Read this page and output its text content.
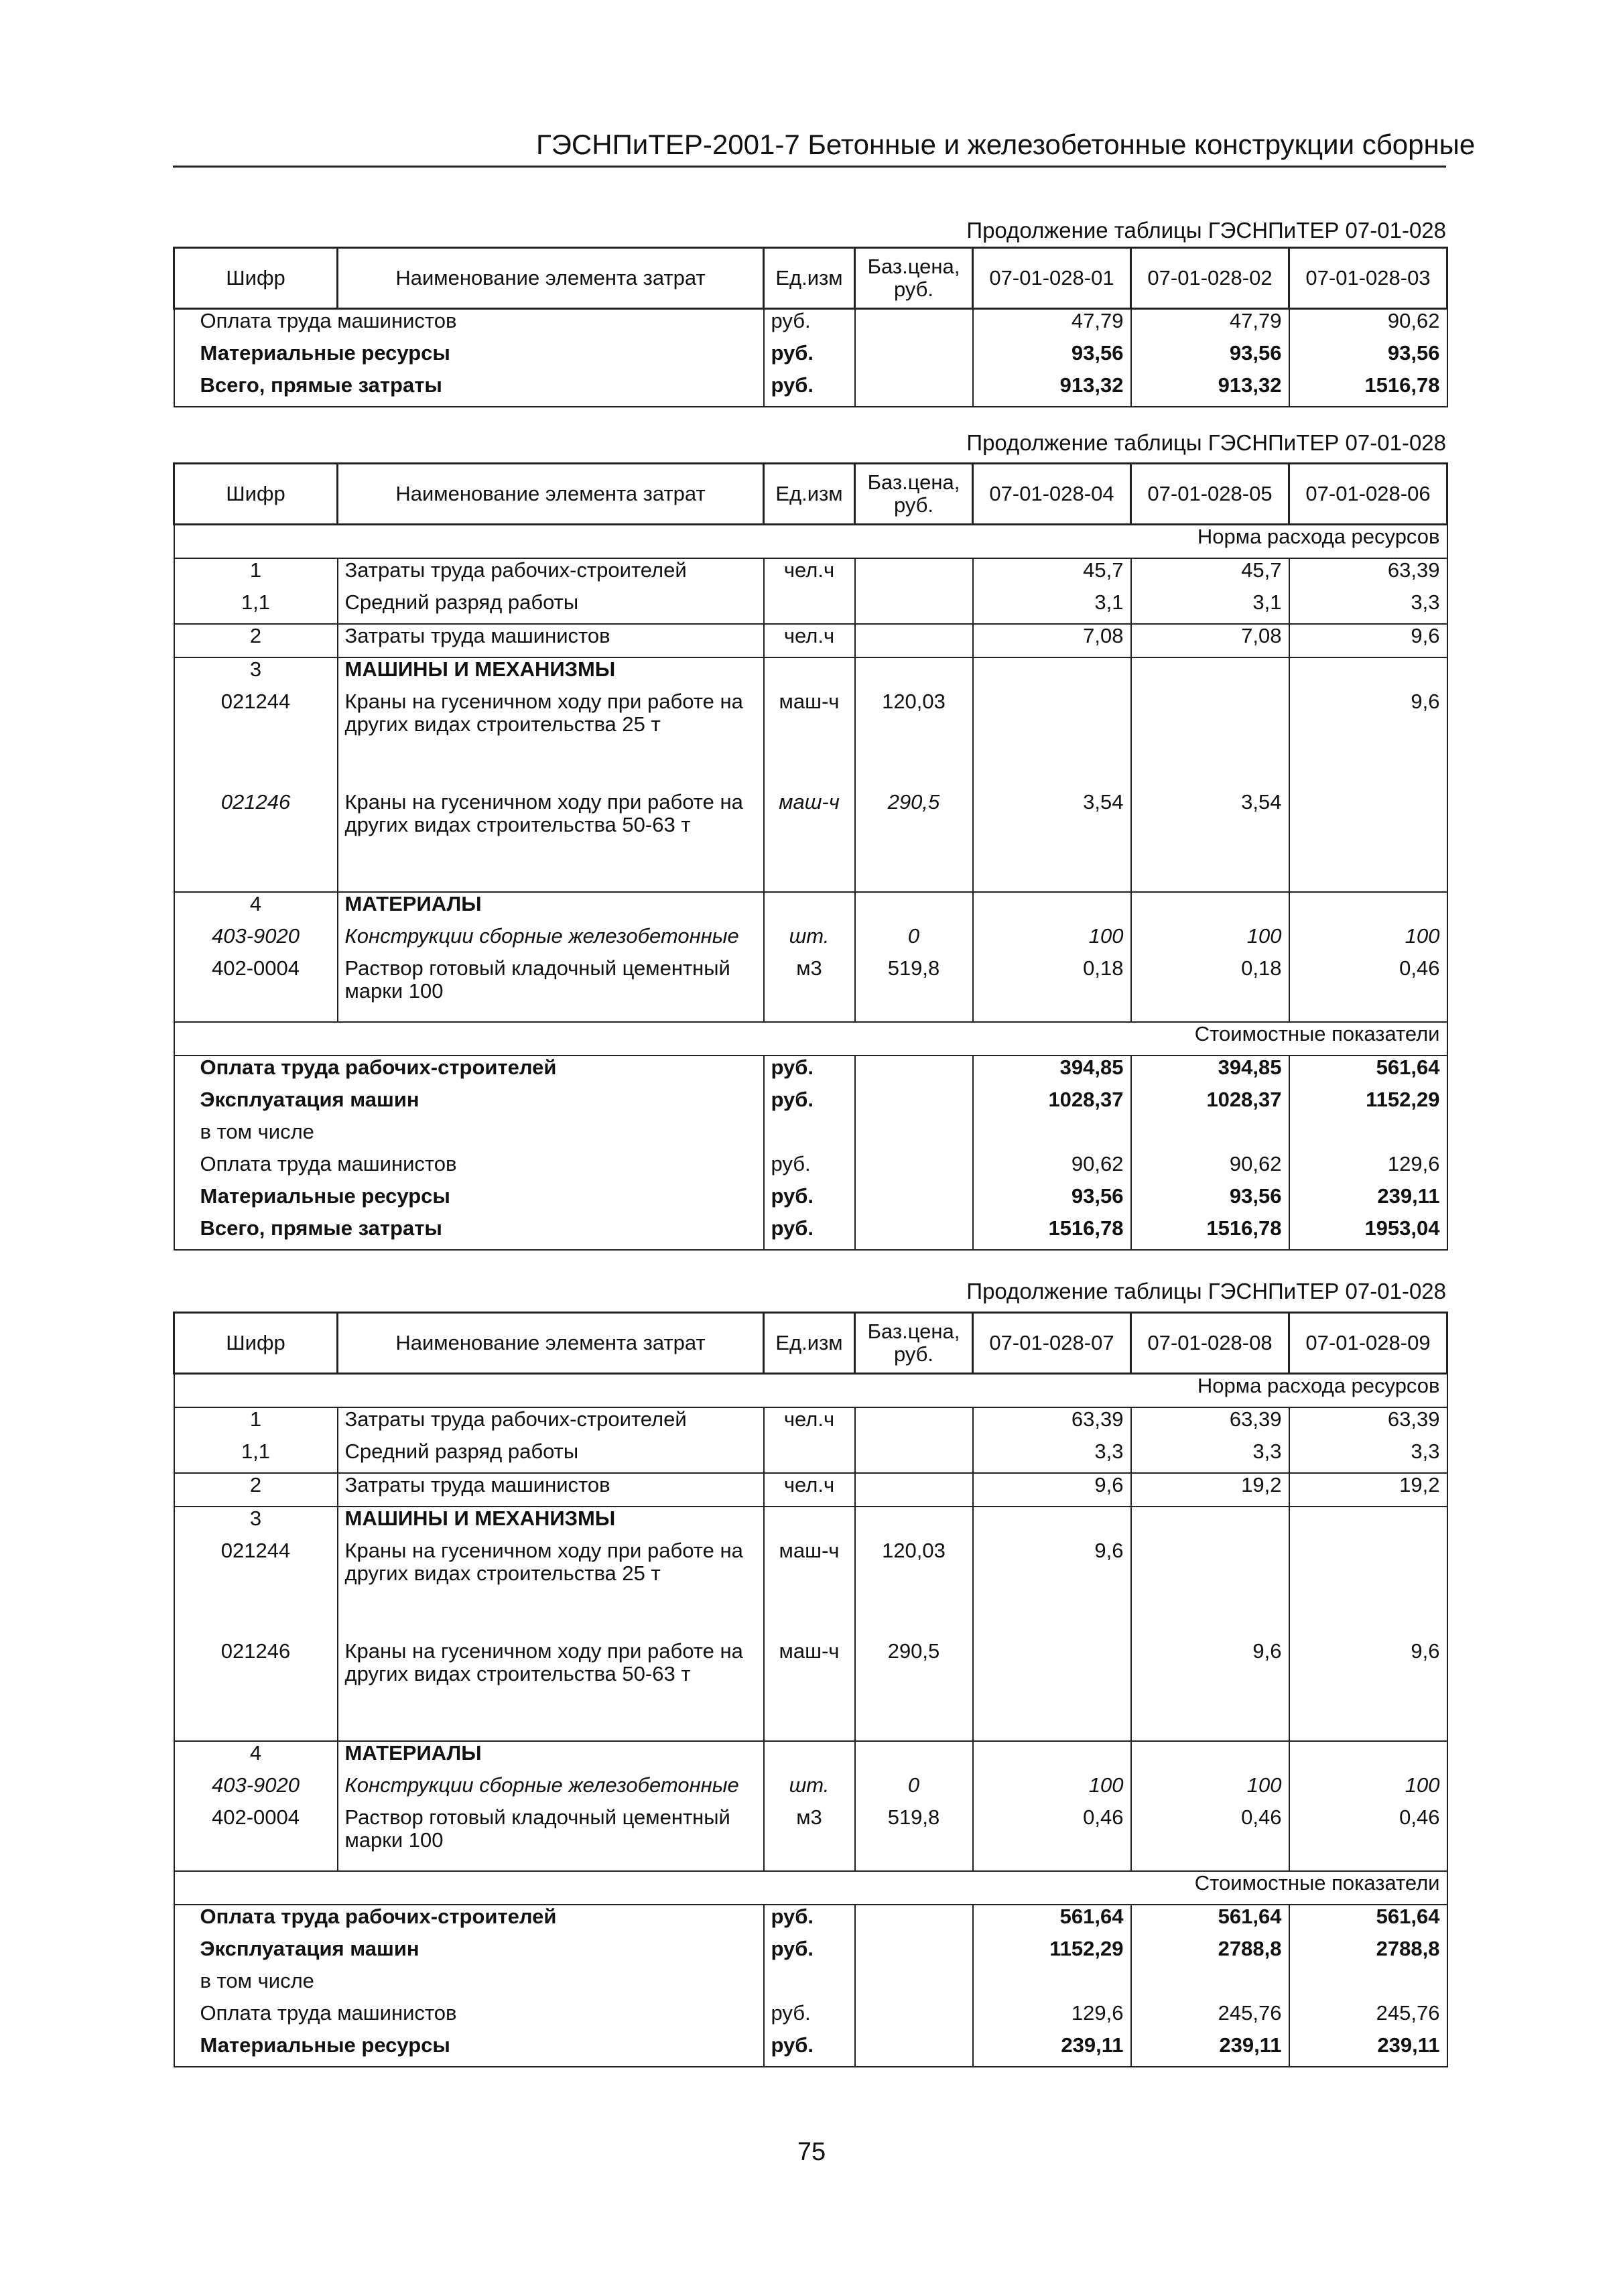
ГЭСНПиТЕР-2001-7 Бетонные и железобетонные конструкции сборные
Продолжение таблицы ГЭСНПиТЕР 07-01-028
Шифр	Наименование элемента затрат	Ед.изм	Баз.цена, руб.	07-01-028-01	07-01-028-02	07-01-028-03
Оплата труда машинистов		руб.		47,79	47,79	90,62
Материальные ресурсы		руб.		93,56	93,56	93,56
Всего, прямые затраты		руб.		913,32	913,32	1516,78
Продолжение таблицы ГЭСНПиТЕР 07-01-028
Шифр	Наименование элемента затрат	Ед.изм	Баз.цена, руб.	07-01-028-04	07-01-028-05	07-01-028-06
Норма расхода ресурсов						
1	Затраты труда рабочих-строителей	чел.ч		45,7	45,7	63,39
1,1	Средний разряд работы			3,1	3,1	3,3
2	Затраты труда машинистов	чел.ч		7,08	7,08	9,6
3	МАШИНЫ И МЕХАНИЗМЫ					
021244	Краны на гусеничном ходу при работе на других видах строительства 25 т	маш-ч	120,03			9,6
021246	Краны на гусеничном ходу при работе на других видах строительства 50-63 т	маш-ч	290,5	3,54	3,54	
4	МАТЕРИАЛЫ					
403-9020	Конструкции сборные железобетонные	шт.	0	100	100	100
402-0004	Раствор готовый кладочный цементный марки 100	м3	519,8	0,18	0,18	0,46
Стоимостные показатели						
Оплата труда рабочих-строителей		руб.		394,85	394,85	561,64
Эксплуатация машин		руб.		1028,37	1028,37	1152,29
в том числе						
Оплата труда машинистов		руб.		90,62	90,62	129,6
Материальные ресурсы		руб.		93,56	93,56	239,11
Всего, прямые затраты		руб.		1516,78	1516,78	1953,04
Продолжение таблицы ГЭСНПиТЕР 07-01-028
Шифр	Наименование элемента затрат	Ед.изм	Баз.цена, руб.	07-01-028-07	07-01-028-08	07-01-028-09
Норма расхода ресурсов						
1	Затраты труда рабочих-строителей	чел.ч		63,39	63,39	63,39
1,1	Средний разряд работы			3,3	3,3	3,3
2	Затраты труда машинистов	чел.ч		9,6	19,2	19,2
3	МАШИНЫ И МЕХАНИЗМЫ					
021244	Краны на гусеничном ходу при работе на других видах строительства 25 т	маш-ч	120,03	9,6		
021246	Краны на гусеничном ходу при работе на других видах строительства 50-63 т	маш-ч	290,5		9,6	9,6
4	МАТЕРИАЛЫ					
403-9020	Конструкции сборные железобетонные	шт.	0	100	100	100
402-0004	Раствор готовый кладочный цементный марки 100	м3	519,8	0,46	0,46	0,46
Стоимостные показатели						
Оплата труда рабочих-строителей		руб.		561,64	561,64	561,64
Эксплуатация машин		руб.		1152,29	2788,8	2788,8
в том числе						
Оплата труда машинистов		руб.		129,6	245,76	245,76
Материальные ресурсы		руб.		239,11	239,11	239,11
75
